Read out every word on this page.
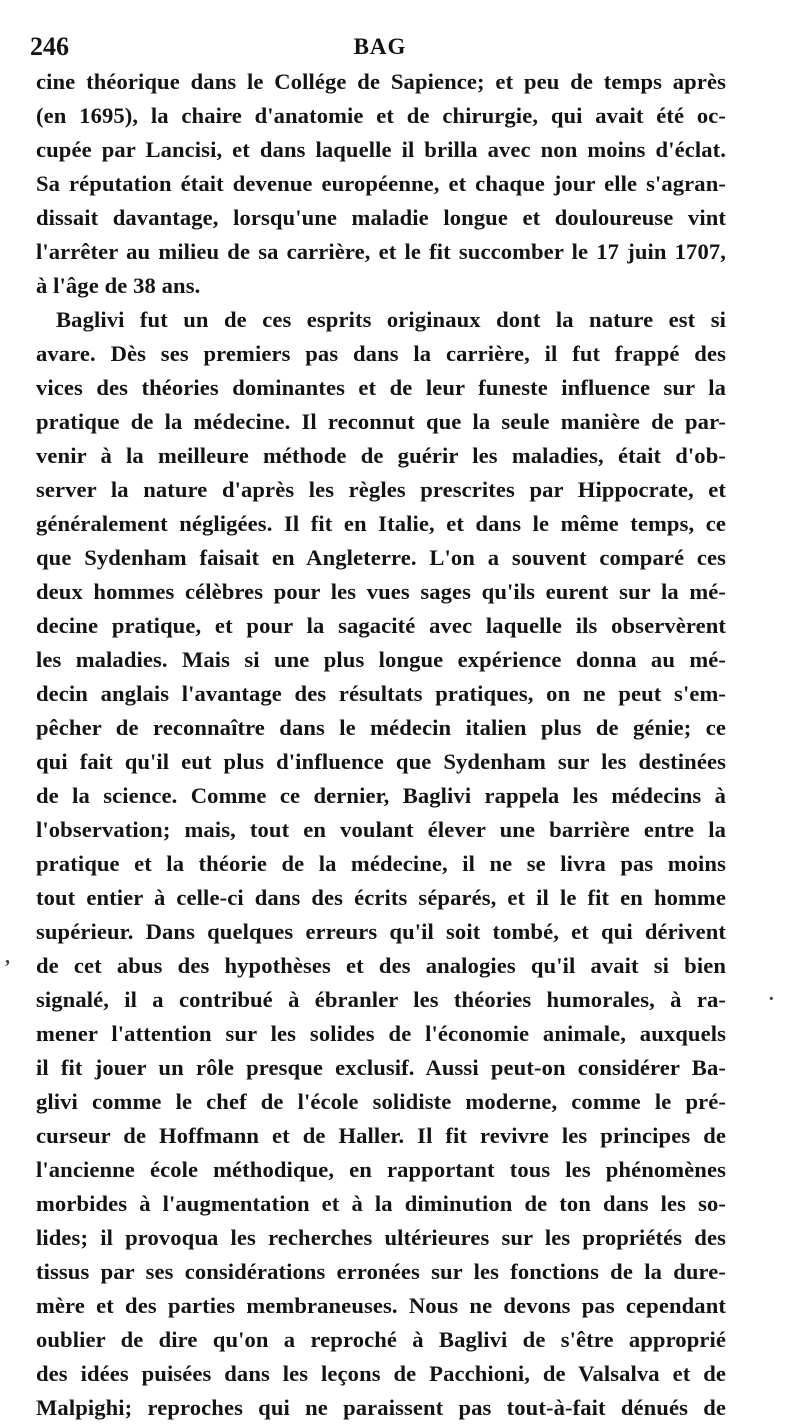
246	BAG
cine théorique dans le Collége de Sapience; et peu de temps après
(en 1695), la chaire d'anatomie et de chirurgie, qui avait été oc-
cupée par Lancisi, et dans laquelle il brilla avec non moins d'éclat.
Sa réputation était devenue européenne, et chaque jour elle s'agran-
dissait davantage, lorsqu'une maladie longue et douloureuse vint
l'arrêter au milieu de sa carrière, et le fit succomber le 17 juin 1707,
à l'âge de 38 ans.
Baglivi fut un de ces esprits originaux dont la nature est si
avare. Dès ses premiers pas dans la carrière, il fut frappé des
vices des théories dominantes et de leur funeste influence sur la
pratique de la médecine. Il reconnut que la seule manière de par-
venir à la meilleure méthode de guérir les maladies, était d'ob-
server la nature d'après les règles prescrites par Hippocrate, et
généralement négligées. Il fit en Italie, et dans le même temps, ce
que Sydenham faisait en Angleterre. L'on a souvent comparé ces
deux hommes célèbres pour les vues sages qu'ils eurent sur la mé-
decine pratique, et pour la sagacité avec laquelle ils observèrent
les maladies. Mais si une plus longue expérience donna au mé-
decin anglais l'avantage des résultats pratiques, on ne peut s'em-
pêcher de reconnaître dans le médecin italien plus de génie; ce
qui fait qu'il eut plus d'influence que Sydenham sur les destinées
de la science. Comme ce dernier, Baglivi rappela les médecins à
l'observation; mais, tout en voulant élever une barrière entre la
pratique et la théorie de la médecine, il ne se livra pas moins
tout entier à celle-ci dans des écrits séparés, et il le fit en homme
supérieur. Dans quelques erreurs qu'il soit tombé, et qui dérivent
de cet abus des hypothèses et des analogies qu'il avait si bien
signalé, il a contribué à ébranler les théories humorales, à ra-
mener l'attention sur les solides de l'économie animale, auxquels
il fit jouer un rôle presque exclusif. Aussi peut-on considérer Ba-
glivi comme le chef de l'école solidiste moderne, comme le pré-
curseur de Hoffmann et de Haller. Il fit revivre les principes de
l'ancienne école méthodique, en rapportant tous les phénomènes
morbides à l'augmentation et à la diminution de ton dans les so-
lides; il provoqua les recherches ultérieures sur les propriétés des
tissus par ses considérations erronées sur les fonctions de la dure-
mère et des parties membraneuses. Nous ne devons pas cependant
oublier de dire qu'on a reproché à Baglivi de s'être approprié
des idées puisées dans les leçons de Pacchioni, de Valsalva et de
Malpighi; reproches qui ne paraissent pas tout-à-fait dénués de
,
·
